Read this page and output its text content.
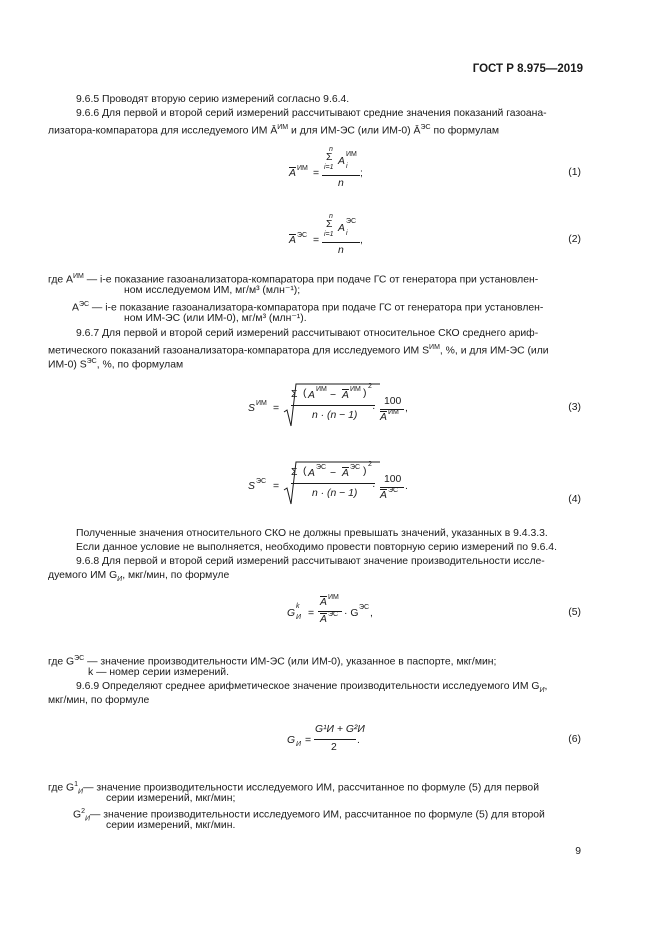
ГОСТ Р 8.975—2019
9.6.5 Проводят вторую серию измерений согласно 9.6.4.
9.6.6 Для первой и второй серий измерений рассчитывают средние значения показаний газоана-
лизатора-компаратора для исследуемого ИМ $Ā^{ИМ}$ и для ИМ-ЭС (или ИМ-0) $Ā^{ЭС}$ по формулам
$\overline{A}$ ИМ =
n
Σ
i=1
A
ИМ
i
n
;	(1)
$\overline{A}$ ЭС =
n
Σ
i=1
A
ЭС
i
n
,	(2)
где $A^{ИМ}$ — i-е показание газоанализатора-компаратора при подаче ГС от генератора при установлен-
ном исследуемом ИМ, мг/м³ (млн⁻¹);
$A^{ЭС}$ — i-е показание газоанализатора-компаратора при подаче ГС от генератора при установлен-
ном ИМ-ЭС (или ИМ-0), мг/м³ (млн⁻¹).
9.6.7 Для первой и второй серий измерений рассчитывают относительное СКО среднего ариф-
метического показаний газоанализатора-компаратора для исследуемого ИМ $S^{ИМ}$, %, и для ИМ-ЭС (или
ИМ-0) $S^{ЭС}$, %, по формулам
S ИМ =
Σ ( A
ИМ
− $\overline{A}$
ИМ )
2
n · (n − 1)
·
100
$\overline{A}$ ИМ ,	(3)
S ЭС =
Σ ( A
ЭС
− $\overline{A}$
ЭС )
2
n · (n − 1)
·
100
$\overline{A}$ ЭС .
(4)
Полученные значения относительного СКО не должны превышать значений, указанных в 9.4.3.3.
Если данное условие не выполняется, необходимо провести повторную серию измерений по 9.6.4.
9.6.8 Для первой и второй серий измерений рассчитывают значение производительности иссле-
дуемого ИМ $G_И$, мкг/мин, по формуле
G
k
И =
$\overline{A}$ ИМ
$\overline{A}$ ЭС · G
ЭС
,	(5)
где $G^{ЭС}$ — значение производительности ИМ-ЭС (или ИМ-0), указанное в паспорте, мкг/мин;
k — номер серии измерений.
9.6.9 Определяют среднее арифметическое значение производительности исследуемого ИМ $G_И$,
мкг/мин, по формуле
G И =
G¹И + G²И
2
.	(6)
где $G^1_И—$ значение производительности исследуемого ИМ, рассчитанное по формуле (5) для первой
серии измерений, мкг/мин;
$G^2_И—$ значение производительности исследуемого ИМ, рассчитанное по формуле (5) для второй
серии измерений, мкг/мин.
9
